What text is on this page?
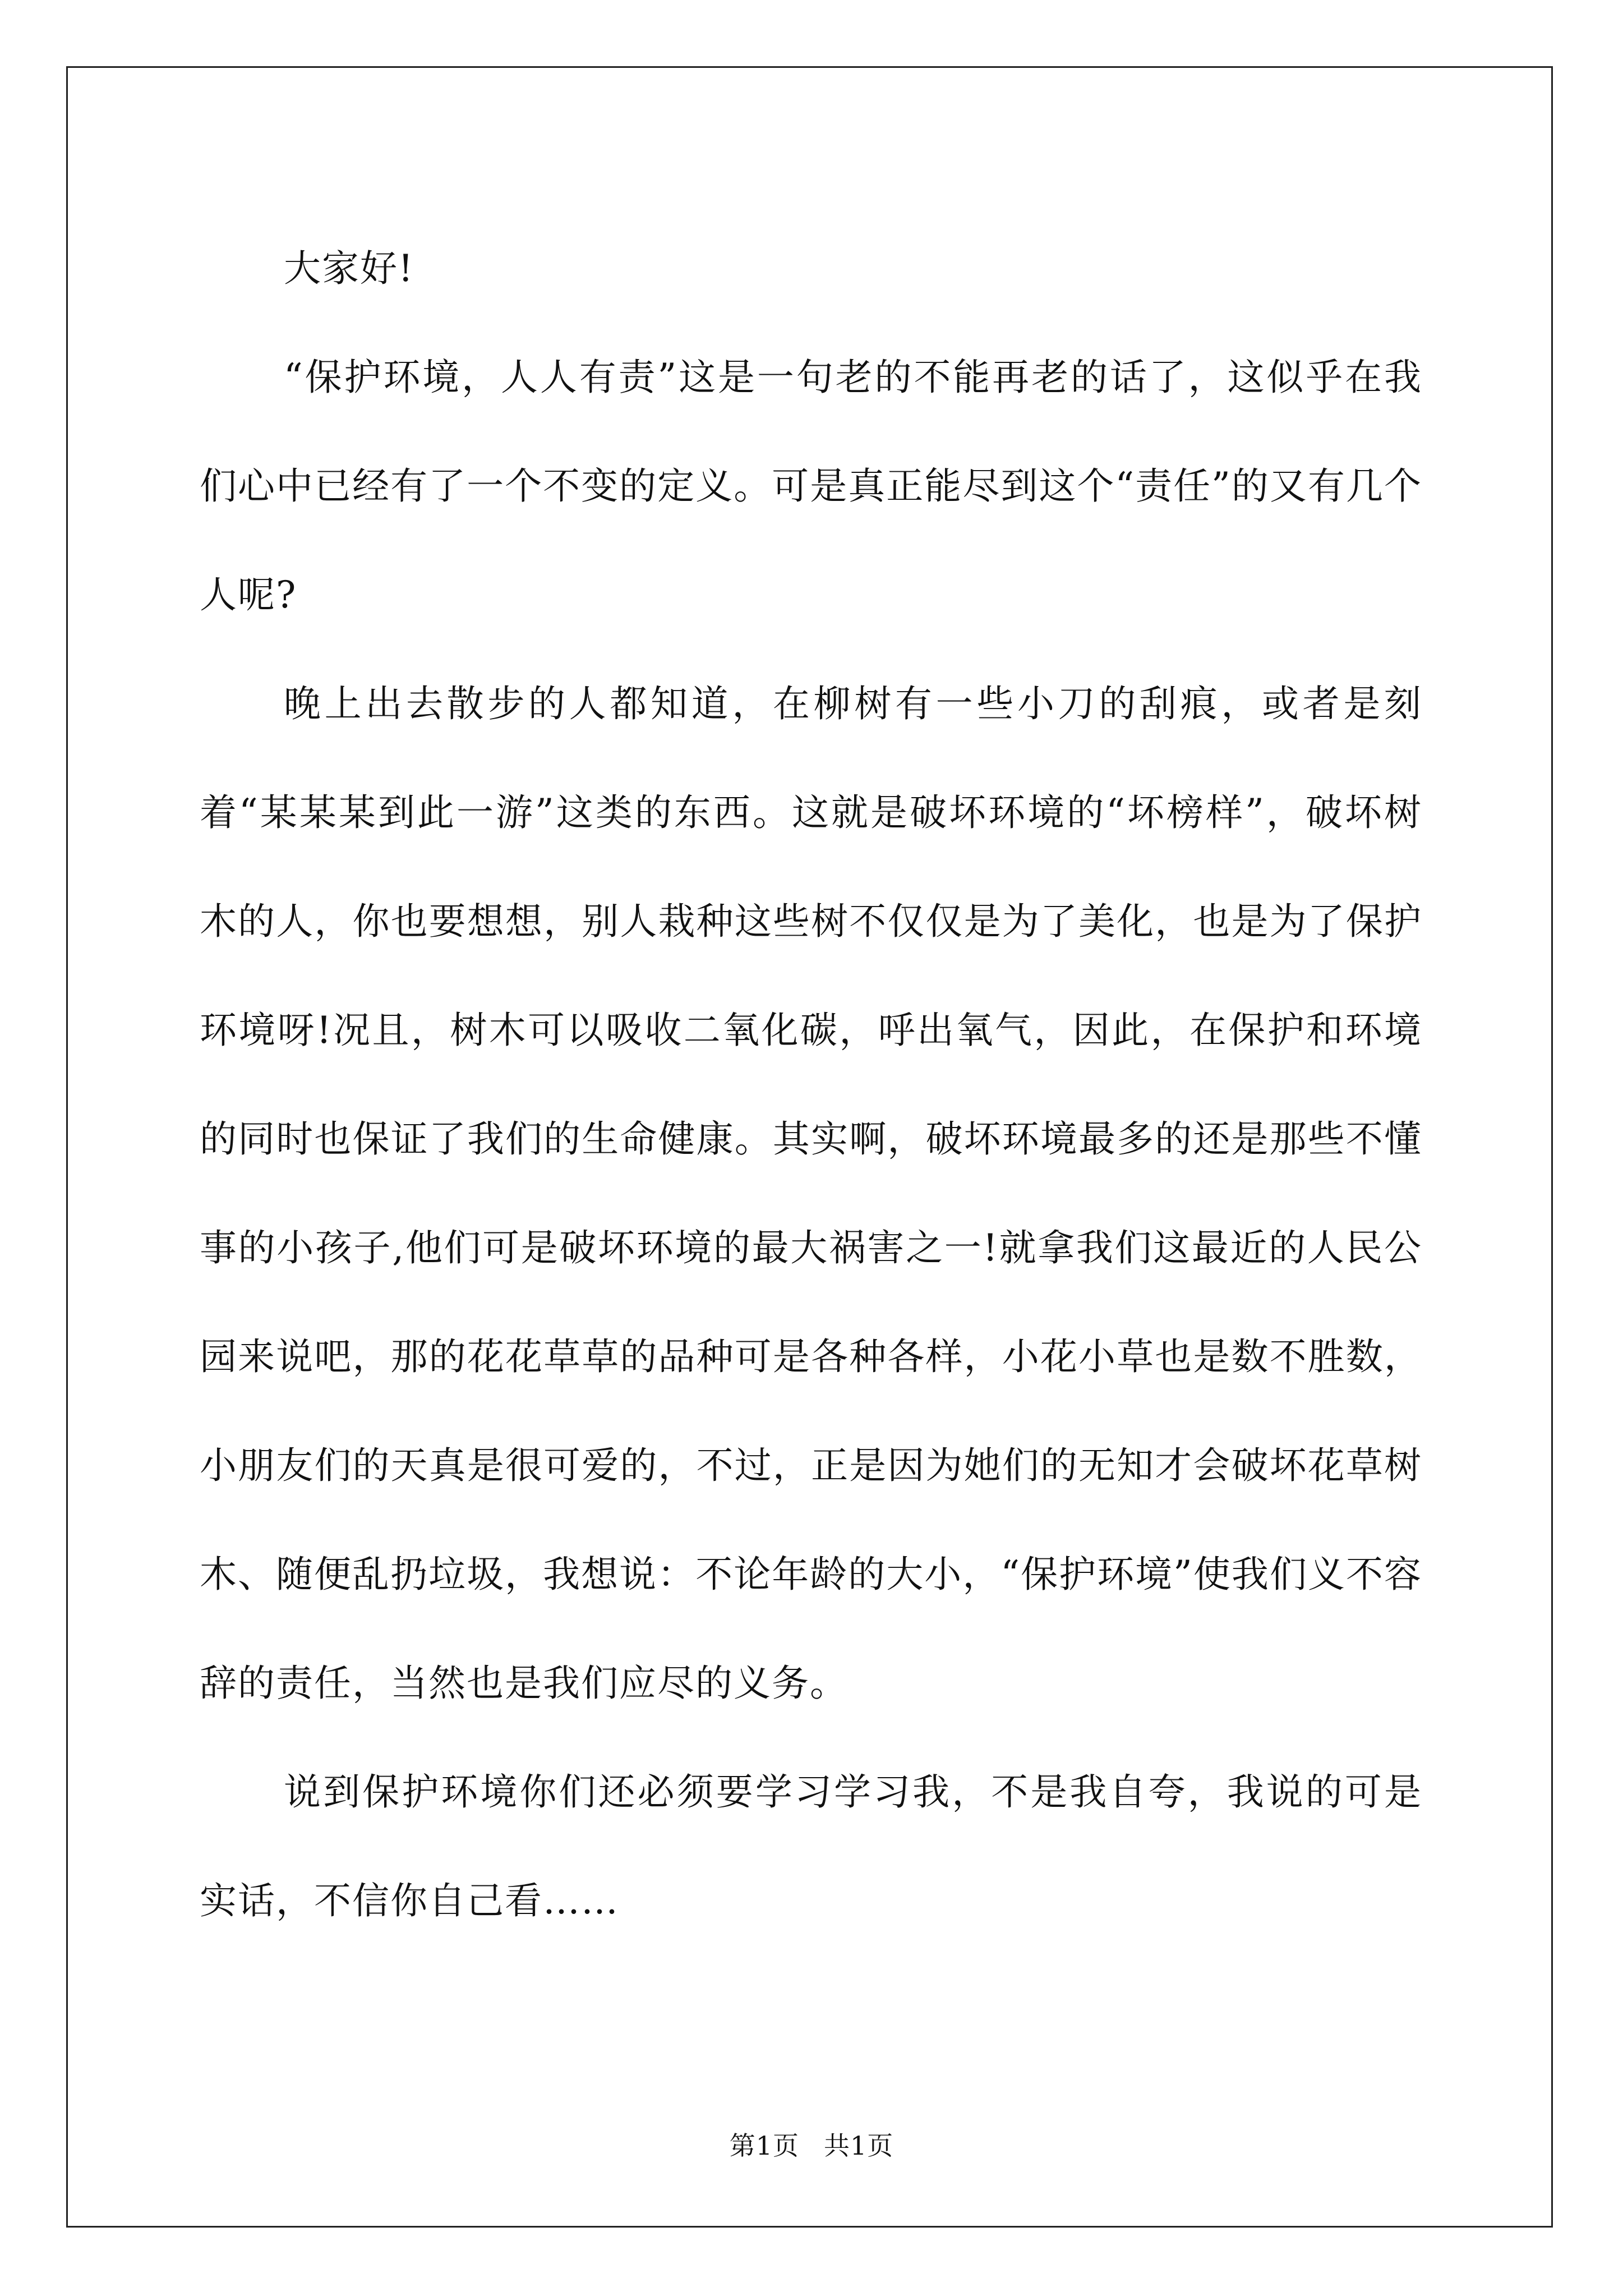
大家好!

“保护环境，人人有责”这是一句老的不能再老的话了，这似乎在我们心中已经有了一个不变的定义。可是真正能尽到这个“责任”的又有几个人呢?

晚上出去散步的人都知道，在柳树有一些小刀的刮痕，或者是刻着“某某某到此一游”这类的东西。这就是破坏环境的“坏榜样”，破坏树木的人，你也要想想，别人栽种这些树不仅仅是为了美化，也是为了保护环境呀!况且，树木可以吸收二氧化碳，呼出氧气，因此，在保护和环境的同时也保证了我们的生命健康。其实啊，破坏环境最多的还是那些不懂事的小孩子,他们可是破坏环境的最大祸害之一!就拿我们这最近的人民公园来说吧，那的花花草草的品种可是各种各样，小花小草也是数不胜数，小朋友们的天真是很可爱的，不过，正是因为她们的无知才会破坏花草树木、随便乱扔垃圾，我想说：不论年龄的大小，“保护环境”使我们义不容辞的责任，当然也是我们应尽的义务。

说到保护环境你们还必须要学习学习我，不是我自夸，我说的可是实话，不信你自己看……

第1页 共1页
